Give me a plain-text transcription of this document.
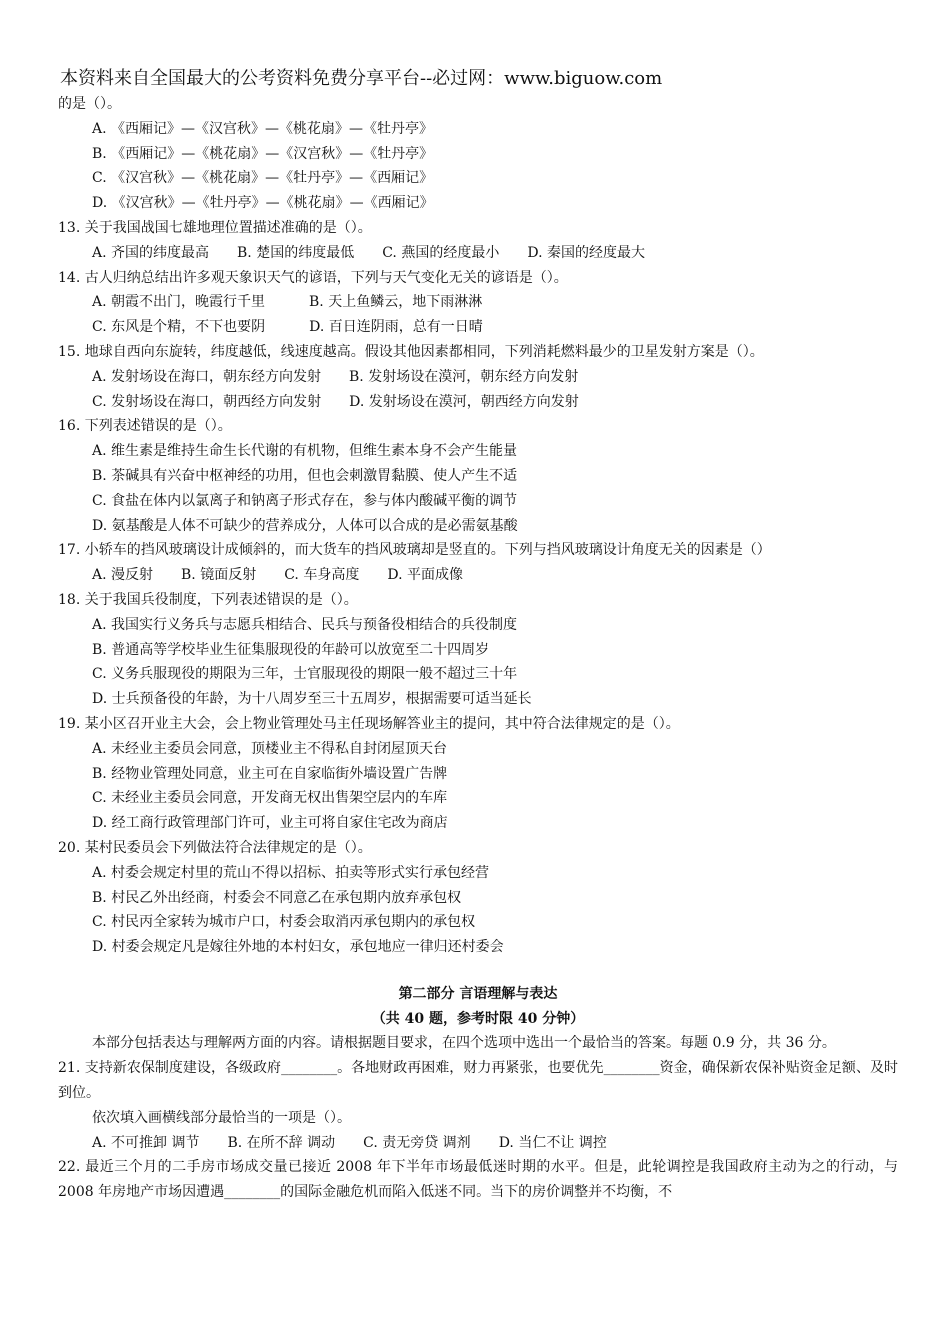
本资料来自全国最大的公考资料免费分享平台--必过网：www.biguow.com
的是（）。
A. 《西厢记》—《汉宫秋》—《桃花扇》—《牡丹亭》
B. 《西厢记》—《桃花扇》—《汉宫秋》—《牡丹亭》
C. 《汉宫秋》—《桃花扇》—《牡丹亭》—《西厢记》
D. 《汉宫秋》—《牡丹亭》—《桃花扇》—《西厢记》
13. 关于我国战国七雄地理位置描述准确的是（）。
A. 齐国的纬度最高 B. 楚国的纬度最低 C. 燕国的经度最小 D. 秦国的经度最大
14. 古人归纳总结出许多观天象识天气的谚语，下列与天气变化无关的谚语是（）。
A. 朝霞不出门，晚霞行千里	B. 天上鱼鳞云，地下雨淋淋
C. 东风是个精，不下也要阴	D. 百日连阴雨，总有一日晴
15. 地球自西向东旋转，纬度越低，线速度越高。假设其他因素都相同，下列消耗燃料最少的卫星发射方案是（）。
A. 发射场设在海口，朝东经方向发射 B. 发射场设在漠河，朝东经方向发射
C. 发射场设在海口，朝西经方向发射 D. 发射场设在漠河，朝西经方向发射
16. 下列表述错误的是（）。
A. 维生素是维持生命生长代谢的有机物，但维生素本身不会产生能量
B. 茶碱具有兴奋中枢神经的功用，但也会刺激胃黏膜、使人产生不适
C. 食盐在体内以氯离子和钠离子形式存在，参与体内酸碱平衡的调节
D. 氨基酸是人体不可缺少的营养成分，人体可以合成的是必需氨基酸
17. 小轿车的挡风玻璃设计成倾斜的，而大货车的挡风玻璃却是竖直的。下列与挡风玻璃设计角度无关的因素是（）
A. 漫反射 B. 镜面反射 C. 车身高度 D. 平面成像
18. 关于我国兵役制度，下列表述错误的是（）。
A. 我国实行义务兵与志愿兵相结合、民兵与预备役相结合的兵役制度
B. 普通高等学校毕业生征集服现役的年龄可以放宽至二十四周岁
C. 义务兵服现役的期限为三年，士官服现役的期限一般不超过三十年
D. 士兵预备役的年龄，为十八周岁至三十五周岁，根据需要可适当延长
19. 某小区召开业主大会，会上物业管理处马主任现场解答业主的提问，其中符合法律规定的是（）。
A. 未经业主委员会同意，顶楼业主不得私自封闭屋顶天台
B. 经物业管理处同意，业主可在自家临街外墙设置广告牌
C. 未经业主委员会同意，开发商无权出售架空层内的车库
D. 经工商行政管理部门许可，业主可将自家住宅改为商店
20. 某村民委员会下列做法符合法律规定的是（）。
A. 村委会规定村里的荒山不得以招标、拍卖等形式实行承包经营
B. 村民乙外出经商，村委会不同意乙在承包期内放弃承包权
C. 村民丙全家转为城市户口，村委会取消丙承包期内的承包权
D. 村委会规定凡是嫁往外地的本村妇女，承包地应一律归还村委会
第二部分 言语理解与表达
（共 40 题，参考时限 40 分钟）
本部分包括表达与理解两方面的内容。请根据题目要求，在四个选项中选出一个最恰当的答案。每题 0.9 分，共 36 分。
21. 支持新农保制度建设，各级政府________。各地财政再困难，财力再紧张，也要优先________资金，确保新农保补贴资金足额、及时到位。
依次填入画横线部分最恰当的一项是（）。
A. 不可推卸 调节 B. 在所不辞 调动 C. 责无旁贷 调剂 D. 当仁不让 调控
22. 最近三个月的二手房市场成交量已接近 2008 年下半年市场最低迷时期的水平。但是，此轮调控是我国政府主动为之的行动，与 2008 年房地产市场因遭遇________的国际金融危机而陷入低迷不同。当下的房价调整并不均衡，不
